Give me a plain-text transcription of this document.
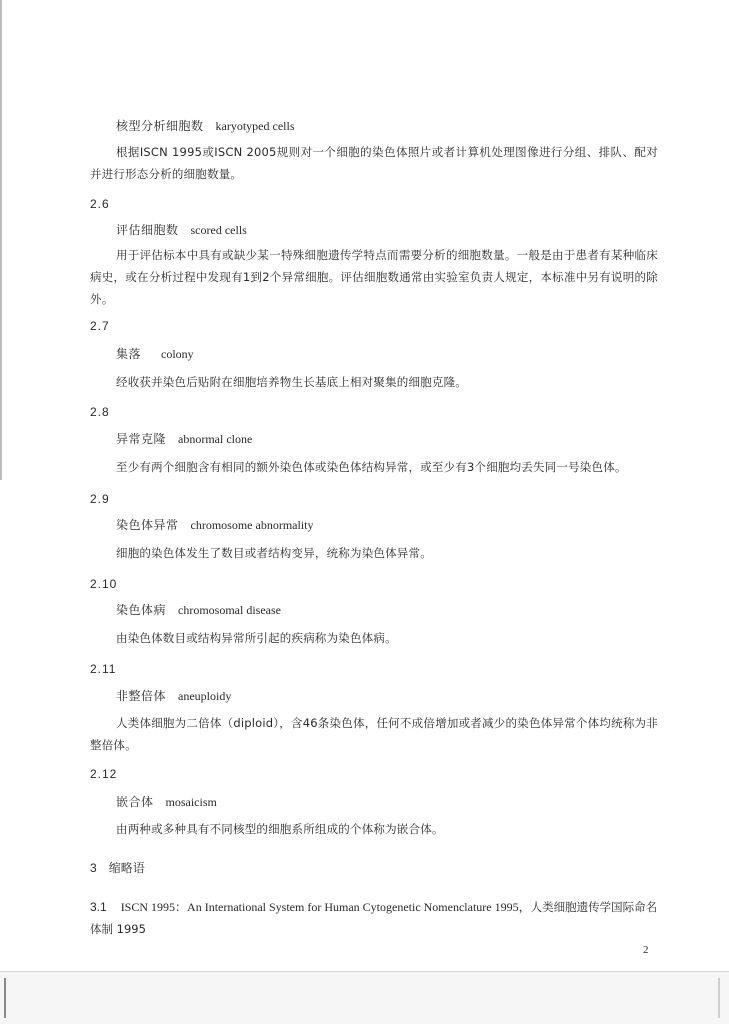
核型分析细胞数 karyotyped cells
根据ISCN 1995或ISCN 2005规则对一个细胞的染色体照片或者计算机处理图像进行分组、排队、配对并进行形态分析的细胞数量。
2.6
评估细胞数 scored cells
用于评估标本中具有或缺少某一特殊细胞遗传学特点而需要分析的细胞数量。一般是由于患者有某种临床病史，或在分析过程中发现有1到2个异常细胞。评估细胞数通常由实验室负责人规定，本标准中另有说明的除外。
2.7
集落 colony
经收获并染色后贴附在细胞培养物生长基底上相对聚集的细胞克隆。
2.8
异常克隆 abnormal clone
至少有两个细胞含有相同的额外染色体或染色体结构异常，或至少有3个细胞均丢失同一号染色体。
2.9
染色体异常 chromosome abnormality
细胞的染色体发生了数目或者结构变异，统称为染色体异常。
2.10
染色体病 chromosomal disease
由染色体数目或结构异常所引起的疾病称为染色体病。
2.11
非整倍体 aneuploidy
人类体细胞为二倍体（diploid），含46条染色体，任何不成倍增加或者减少的染色体异常个体均统称为非整倍体。
2.12
嵌合体 mosaicism
由两种或多种具有不同核型的细胞系所组成的个体称为嵌合体。
3 缩略语
3.1 ISCN 1995：An International System for Human Cytogenetic Nomenclature 1995，人类细胞遗传学国际命名体制 1995
2
